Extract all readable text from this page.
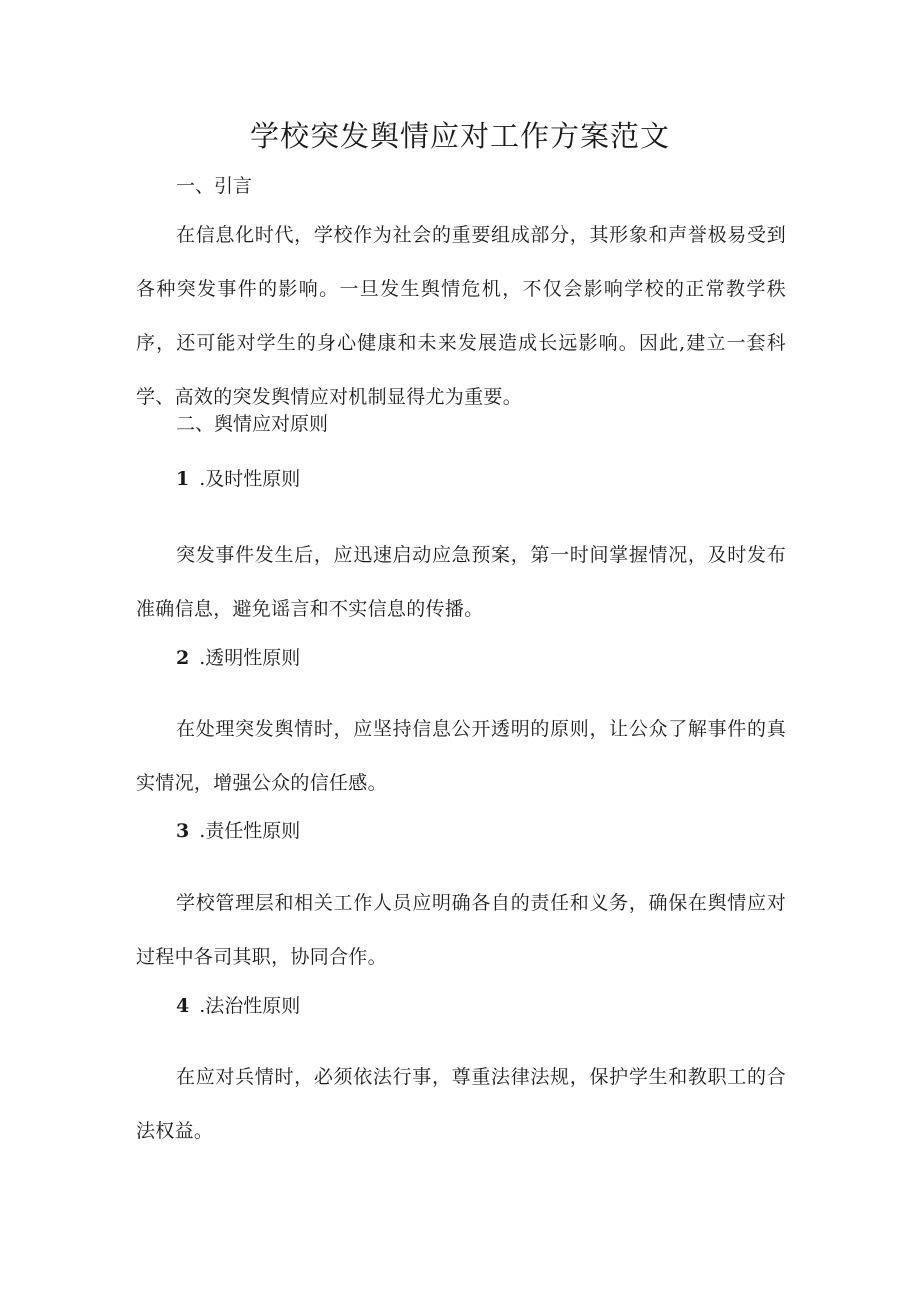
学校突发舆情应对工作方案范文
一、引言

在信息化时代，学校作为社会的重要组成部分，其形象和声誉极易受到各种突发事件的影响。一旦发生舆情危机，不仅会影响学校的正常教学秩序，还可能对学生的身心健康和未来发展造成长远影响。因此,建立一套科学、高效的突发舆情应对机制显得尤为重要。

二、舆情应对原则
1 .及时性原则

突发事件发生后，应迅速启动应急预案，第一时间掌握情况，及时发布准确信息，避免谣言和不实信息的传播。

2 .透明性原则

在处理突发舆情时，应坚持信息公开透明的原则，让公众了解事件的真实情况，增强公众的信任感。

3 .责任性原则

学校管理层和相关工作人员应明确各自的责任和义务，确保在舆情应对过程中各司其职，协同合作。

4 .法治性原则

在应对兵情时，必须依法行事，尊重法律法规，保护学生和教职工的合法权益。
